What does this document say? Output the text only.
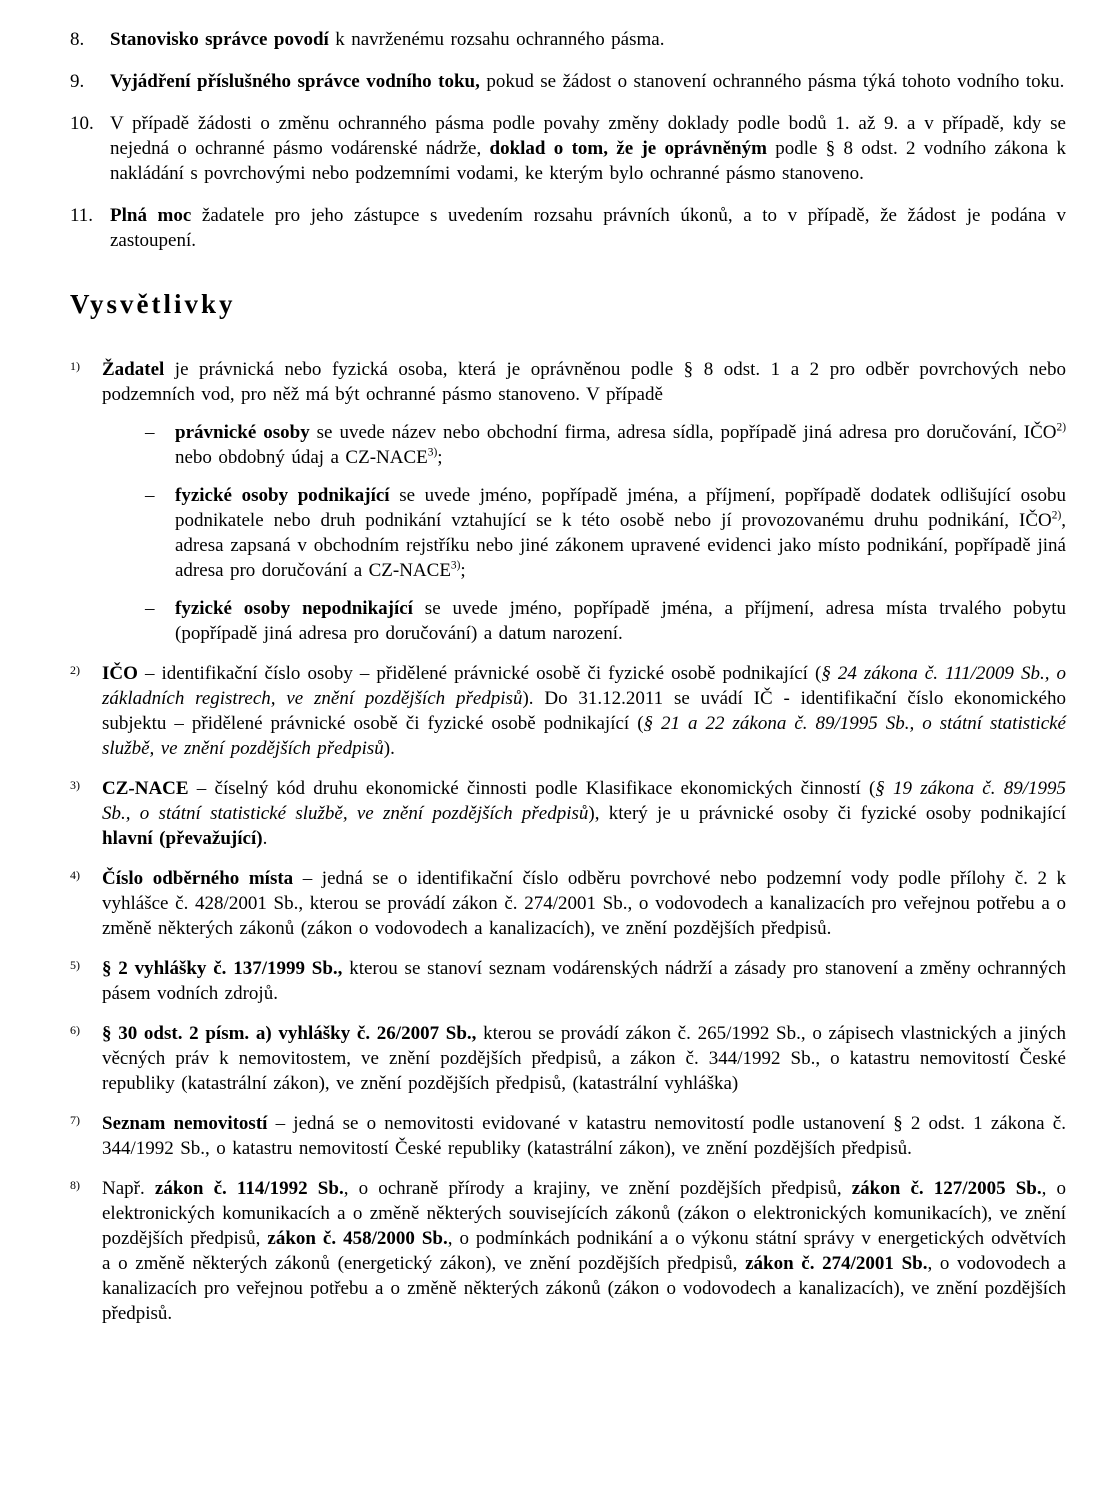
8. Stanovisko správce povodí k navrženému rozsahu ochranného pásma.

9. Vyjádření příslušného správce vodního toku, pokud se žádost o stanovení ochranného pásma týká tohoto vodního toku.

10. V případě žádosti o změnu ochranného pásma podle povahy změny doklady podle bodů 1. až 9. a v případě, kdy se nejedná o ochranné pásmo vodárenské nádrže, doklad o tom, že je oprávněným podle § 8 odst. 2 vodního zákona k nakládání s povrchovými nebo podzemními vodami, ke kterým bylo ochranné pásmo stanoveno.

11. Plná moc žadatele pro jeho zástupce s uvedením rozsahu právních úkonů, a to v případě, že žádost je podána v zastoupení.

Vysvětlivky
1) Žadatel je právnická nebo fyzická osoba, která je oprávněnou podle § 8 odst. 1 a 2 pro odběr povrchových nebo podzemních vod, pro něž má být ochranné pásmo stanoveno. V případě

– právnické osoby se uvede název nebo obchodní firma, adresa sídla, popřípadě jiná adresa pro doručování, IČO$^{2)}$ nebo obdobný údaj a CZ-NACE$^{3)}$;

– fyzické osoby podnikající se uvede jméno, popřípadě jména, a příjmení, popřípadě dodatek odlišující osobu podnikatele nebo druh podnikání vztahující se k této osobě nebo jí provozovanému druhu podnikání, IČO$^{2)}$, adresa zapsaná v obchodním rejstříku nebo jiné zákonem upravené evidenci jako místo podnikání, popřípadě jiná adresa pro doručování a CZ-NACE$^{3)}$;

– fyzické osoby nepodnikající se uvede jméno, popřípadě jména, a příjmení, adresa místa trvalého pobytu (popřípadě jiná adresa pro doručování) a datum narození.

2) IČO – identifikační číslo osoby – přidělené právnické osobě či fyzické osobě podnikající (§ 24 zákona č. 111/2009 Sb., o základních registrech, ve znění pozdějších předpisů). Do 31.12.2011 se uvádí IČ - identifikační číslo ekonomického subjektu – přidělené právnické osobě či fyzické osobě podnikající (§ 21 a 22 zákona č. 89/1995 Sb., o státní statistické službě, ve znění pozdějších předpisů).

3) CZ-NACE – číselný kód druhu ekonomické činnosti podle Klasifikace ekonomických činností (§ 19 zákona č. 89/1995 Sb., o státní statistické službě, ve znění pozdějších předpisů), který je u právnické osoby či fyzické osoby podnikající hlavní (převažující).

4) Číslo odběrného místa – jedná se o identifikační číslo odběru povrchové nebo podzemní vody podle přílohy č. 2 k vyhlášce č. 428/2001 Sb., kterou se provádí zákon č. 274/2001 Sb., o vodovodech a kanalizacích pro veřejnou potřebu a o změně některých zákonů (zákon o vodovodech a kanalizacích), ve znění pozdějších předpisů.

5) § 2 vyhlášky č. 137/1999 Sb., kterou se stanoví seznam vodárenských nádrží a zásady pro stanovení a změny ochranných pásem vodních zdrojů.

6) § 30 odst. 2 písm. a) vyhlášky č. 26/2007 Sb., kterou se provádí zákon č. 265/1992 Sb., o zápisech vlastnických a jiných věcných práv k nemovitostem, ve znění pozdějších předpisů, a zákon č. 344/1992 Sb., o katastru nemovitostí České republiky (katastrální zákon), ve znění pozdějších předpisů, (katastrální vyhláška)

7) Seznam nemovitostí – jedná se o nemovitosti evidované v katastru nemovitostí podle ustanovení § 2 odst. 1 zákona č. 344/1992 Sb., o katastru nemovitostí České republiky (katastrální zákon), ve znění pozdějších předpisů.

8) Např. zákon č. 114/1992 Sb., o ochraně přírody a krajiny, ve znění pozdějších předpisů, zákon č. 127/2005 Sb., o elektronických komunikacích a o změně některých souvisejících zákonů (zákon o elektronických komunikacích), ve znění pozdějších předpisů, zákon č. 458/2000 Sb., o podmínkách podnikání a o výkonu státní správy v energetických odvětvích a o změně některých zákonů (energetický zákon), ve znění pozdějších předpisů, zákon č. 274/2001 Sb., o vodovodech a kanalizacích pro veřejnou potřebu a o změně některých zákonů (zákon o vodovodech a kanalizacích), ve znění pozdějších předpisů.
